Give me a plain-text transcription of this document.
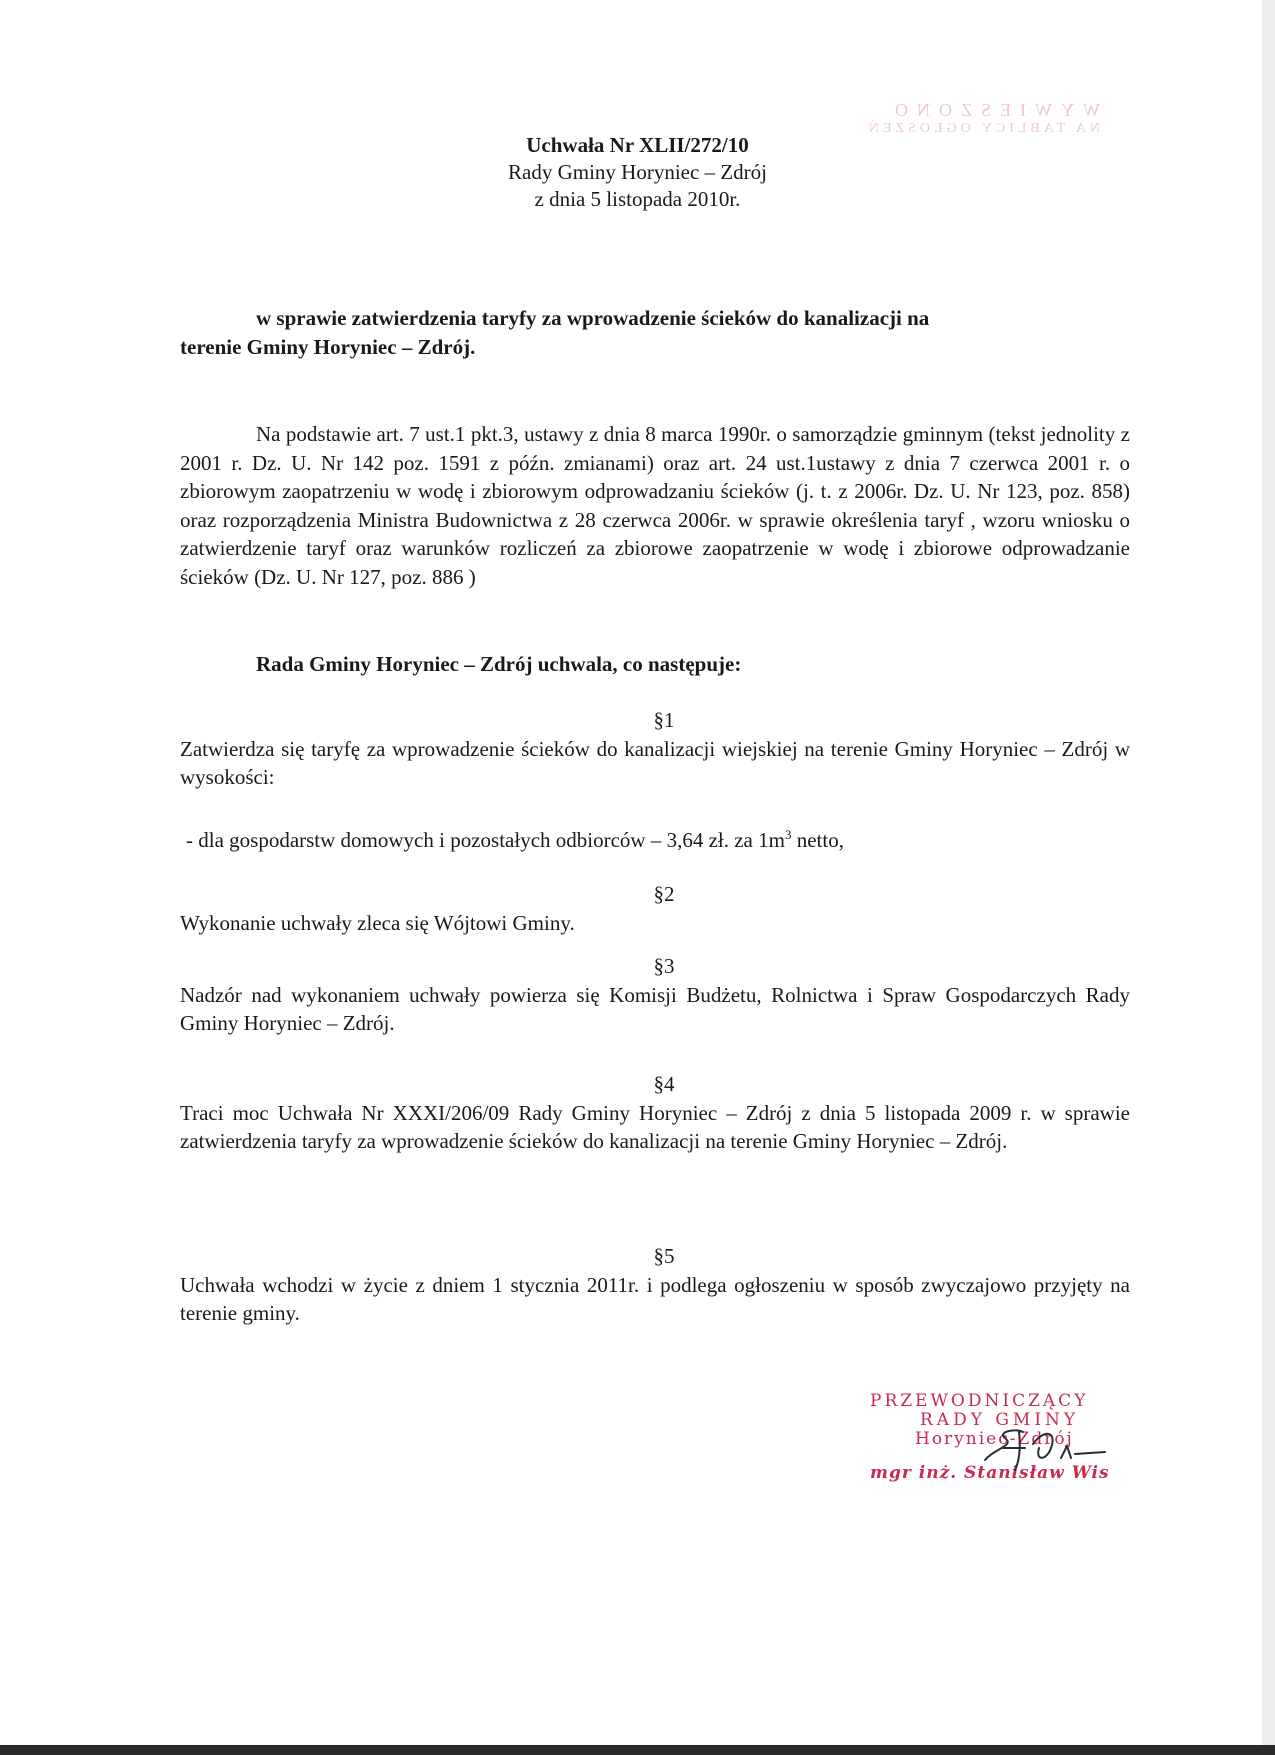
WYWIESZONO
NA TABLICY OGŁOSZEŃ
Uchwała Nr XLII/272/10
Rady Gminy Horyniec – Zdrój
z dnia 5 listopada 2010r.
w sprawie zatwierdzenia taryfy za wprowadzenie ścieków do kanalizacji na
terenie Gminy Horyniec – Zdrój.
Na podstawie art. 7 ust.1 pkt.3, ustawy z dnia 8 marca 1990r. o samorządzie gminnym (tekst jednolity z 2001 r. Dz. U. Nr 142 poz. 1591 z późn. zmianami) oraz art. 24 ust.1ustawy z dnia 7 czerwca 2001 r. o zbiorowym zaopatrzeniu w wodę i zbiorowym odprowadzaniu ścieków (j. t. z 2006r. Dz. U. Nr 123, poz. 858) oraz rozporządzenia Ministra Budownictwa z 28 czerwca 2006r. w sprawie określenia taryf , wzoru wniosku o zatwierdzenie taryf oraz warunków rozliczeń za zbiorowe zaopatrzenie w wodę i zbiorowe odprowadzanie ścieków (Dz. U. Nr 127, poz. 886 )
Rada Gminy Horyniec – Zdrój uchwala, co następuje:
§1
Zatwierdza się taryfę za wprowadzenie ścieków do kanalizacji wiejskiej na terenie Gminy Horyniec – Zdrój w wysokości:
- dla gospodarstw domowych i pozostałych odbiorców – 3,64 zł. za $1m^3$ netto,
§2
Wykonanie uchwały zleca się Wójtowi Gminy.
§3
Nadzór nad wykonaniem uchwały powierza się Komisji Budżetu, Rolnictwa i Spraw Gospodarczych Rady Gminy Horyniec – Zdrój.
§4
Traci moc Uchwała Nr XXXI/206/09 Rady Gminy Horyniec – Zdrój z dnia 5 listopada 2009 r. w sprawie zatwierdzenia taryfy za wprowadzenie ścieków do kanalizacji na terenie Gminy Horyniec – Zdrój.
§5
Uchwała wchodzi w życie z dniem 1 stycznia 2011r. i podlega ogłoszeniu w sposób zwyczajowo przyjęty na terenie gminy.
PRZEWODNICZĄCY
RADY GMINY
Horyniec-Zdrój
mgr inż. Stanisław Wis
